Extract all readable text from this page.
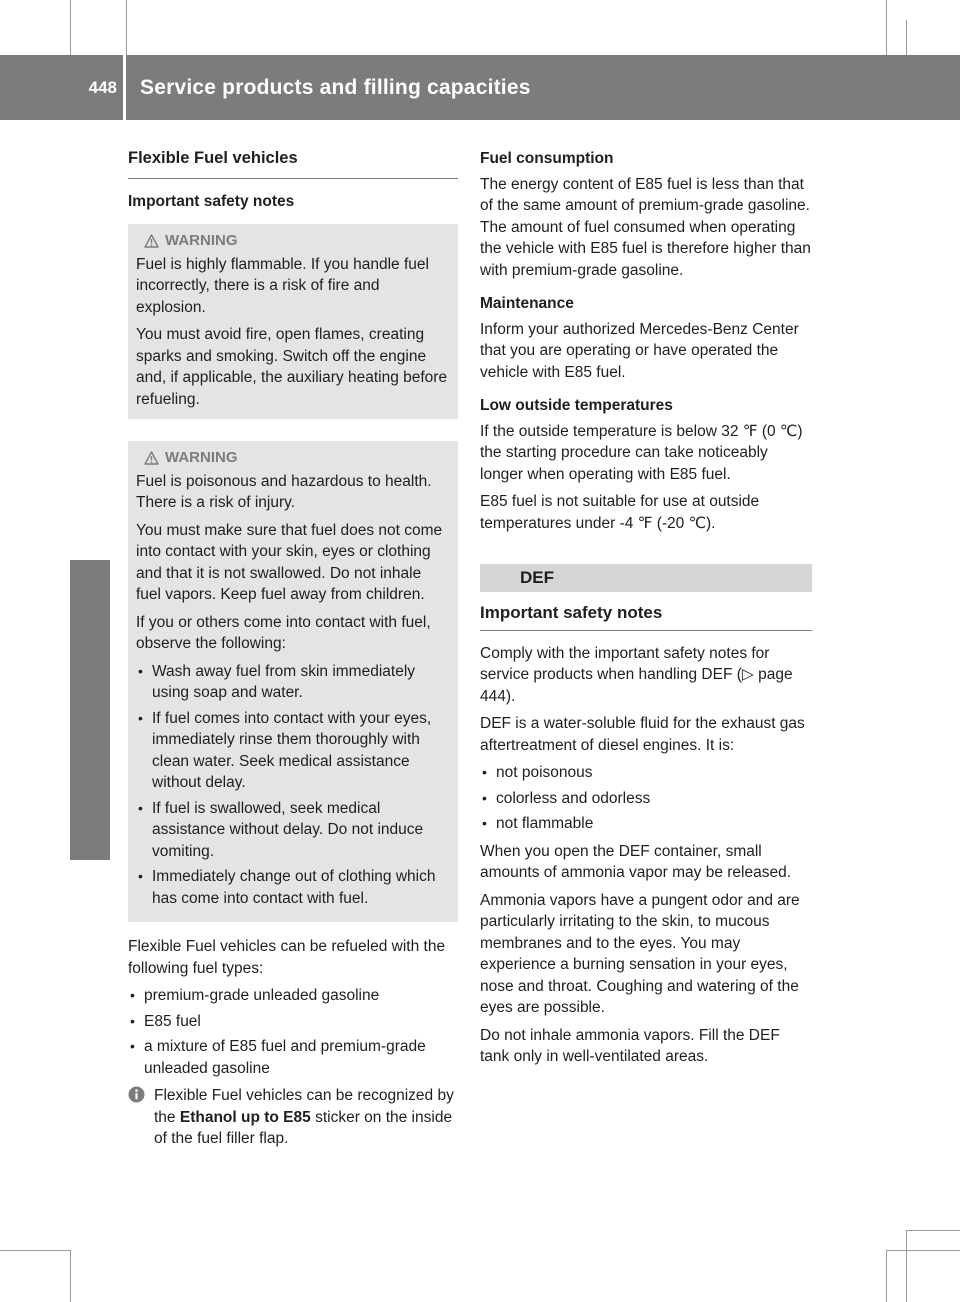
448	Service products and filling capacities
Technical data
Flexible Fuel vehicles
Important safety notes
WARNING

Fuel is highly flammable. If you handle fuel incorrectly, there is a risk of fire and explosion.

You must avoid fire, open flames, creating sparks and smoking. Switch off the engine and, if applicable, the auxiliary heating before refueling.

WARNING

Fuel is poisonous and hazardous to health. There is a risk of injury.

You must make sure that fuel does not come into contact with your skin, eyes or clothing and that it is not swallowed. Do not inhale fuel vapors. Keep fuel away from children.

If you or others come into contact with fuel, observe the following:

• Wash away fuel from skin immediately using soap and water.
• If fuel comes into contact with your eyes, immediately rinse them thoroughly with clean water. Seek medical assistance without delay.
• If fuel is swallowed, seek medical assistance without delay. Do not induce vomiting.
• Immediately change out of clothing which has come into contact with fuel.

Flexible Fuel vehicles can be refueled with the following fuel types:

• premium-grade unleaded gasoline
• E85 fuel
• a mixture of E85 fuel and premium-grade unleaded gasoline
Flexible Fuel vehicles can be recognized by the Ethanol up to E85 sticker on the inside of the fuel filler flap.
Fuel consumption

The energy content of E85 fuel is less than that of the same amount of premium-grade gasoline. The amount of fuel consumed when operating the vehicle with E85 fuel is therefore higher than with premium-grade gasoline.

Maintenance

Inform your authorized Mercedes-Benz Center that you are operating or have operated the vehicle with E85 fuel.

Low outside temperatures

If the outside temperature is below 32 ℉ (0 ℃) the starting procedure can take noticeably longer when operating with E85 fuel.

E85 fuel is not suitable for use at outside temperatures under -4 ℉ (-20 ℃).

DEF
Important safety notes

Comply with the important safety notes for service products when handling DEF (▷ page 444).

DEF is a water-soluble fluid for the exhaust gas aftertreatment of diesel engines. It is:

• not poisonous
• colorless and odorless
• not flammable

When you open the DEF container, small amounts of ammonia vapor may be released.

Ammonia vapors have a pungent odor and are particularly irritating to the skin, to mucous membranes and to the eyes. You may experience a burning sensation in your eyes, nose and throat. Coughing and watering of the eyes are possible.

Do not inhale ammonia vapors. Fill the DEF tank only in well-ventilated areas.
